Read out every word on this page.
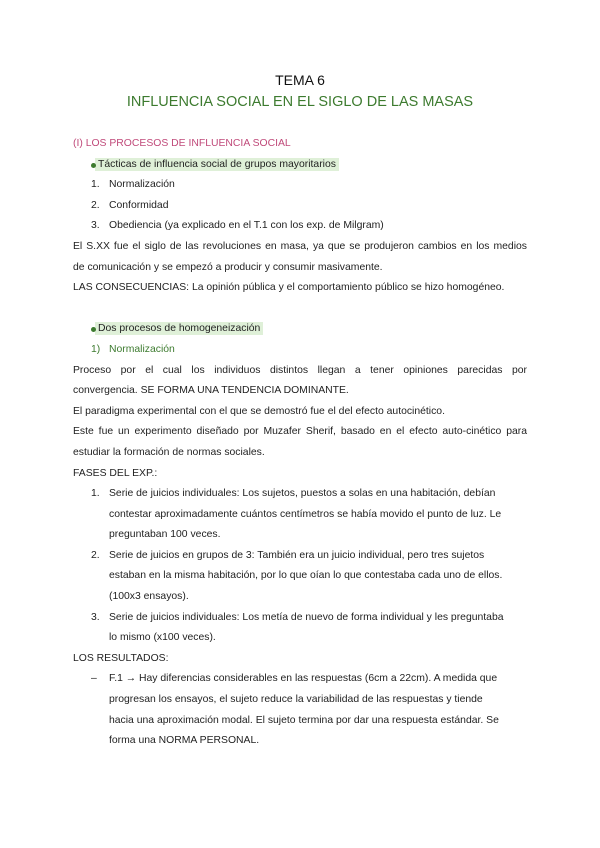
TEMA 6
INFLUENCIA SOCIAL EN EL SIGLO DE LAS MASAS
(I) LOS PROCESOS DE INFLUENCIA SOCIAL
Tácticas de influencia social de grupos mayoritarios
1. Normalización
2. Conformidad
3. Obediencia (ya explicado en el T.1 con los exp. de Milgram)
El S.XX fue el siglo de las revoluciones en masa, ya que se produjeron cambios en los medios
de comunicación y se empezó a producir y consumir masivamente.
LAS CONSECUENCIAS: La opinión pública y el comportamiento público se hizo homogéneo.
Dos procesos de homogeneización
1) Normalización
Proceso por el cual los individuos distintos llegan a tener opiniones parecidas por
convergencia. SE FORMA UNA TENDENCIA DOMINANTE.
El paradigma experimental con el que se demostró fue el del efecto autocinético.
Este fue un experimento diseñado por Muzafer Sherif, basado en el efecto auto-cinético para
estudiar la formación de normas sociales.
FASES DEL EXP.:
1. Serie de juicios individuales: Los sujetos, puestos a solas en una habitación, debían
contestar aproximadamente cuántos centímetros se había movido el punto de luz. Le
preguntaban 100 veces.
2. Serie de juicios en grupos de 3: También era un juicio individual, pero tres sujetos
estaban en la misma habitación, por lo que oían lo que contestaba cada uno de ellos.
(100x3 ensayos).
3. Serie de juicios individuales: Los metía de nuevo de forma individual y les preguntaba
lo mismo (x100 veces).
LOS RESULTADOS:
– F.1 → Hay diferencias considerables en las respuestas (6cm a 22cm). A medida que
progresan los ensayos, el sujeto reduce la variabilidad de las respuestas y tiende
hacia una aproximación modal. El sujeto termina por dar una respuesta estándar. Se
forma una NORMA PERSONAL.
